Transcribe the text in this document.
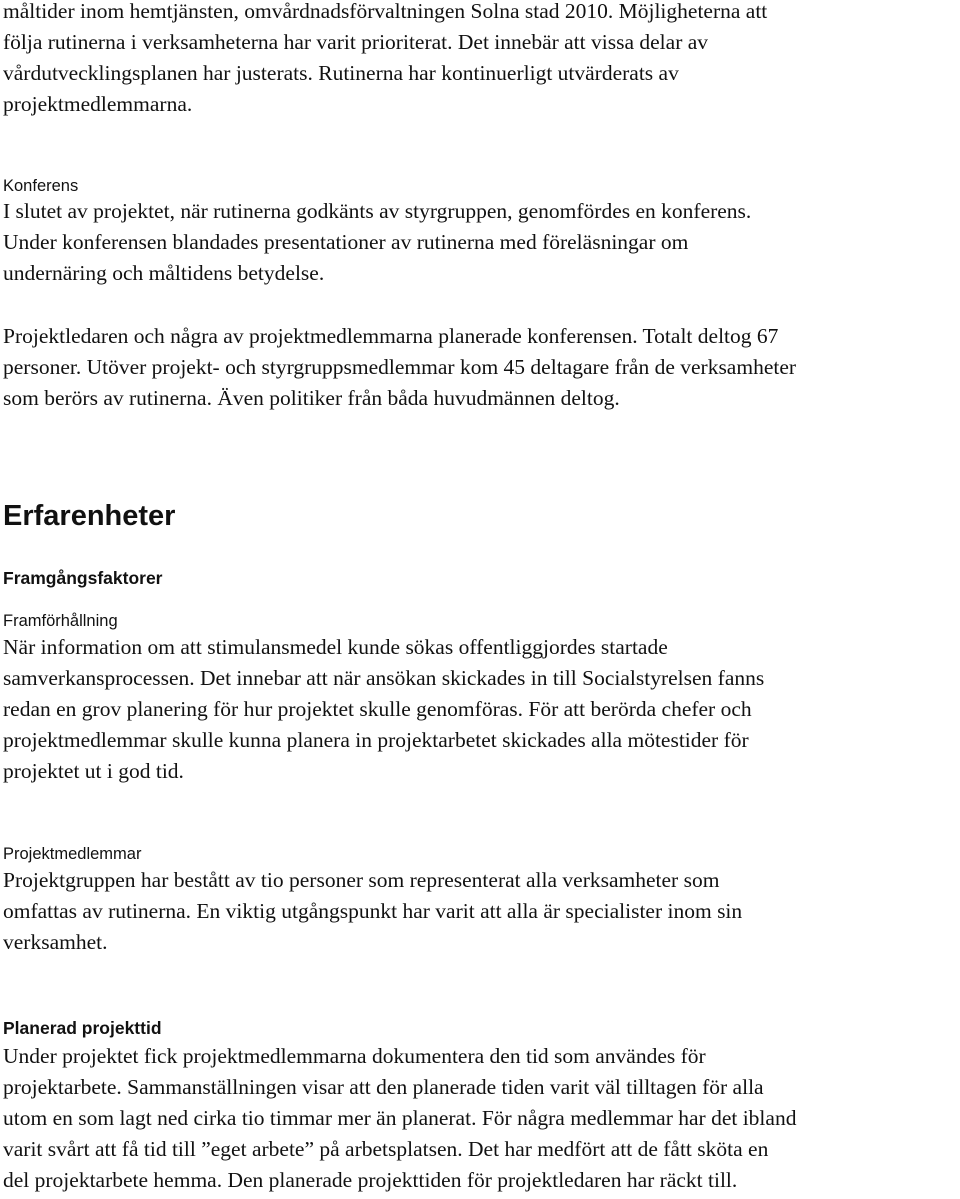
måltider inom hemtjänsten, omvårdnadsförvaltningen Solna stad 2010. Möjligheterna att
följa rutinerna i verksamheterna har varit prioriterat. Det innebär att vissa delar av
vårdutvecklingsplanen har justerats. Rutinerna har kontinuerligt utvärderats av
projektmedlemmarna.

Konferens

I slutet av projektet, när rutinerna godkänts av styrgruppen, genomfördes en konferens.
Under konferensen blandades presentationer av rutinerna med föreläsningar om
undernäring och måltidens betydelse.

Projektledaren och några av projektmedlemmarna planerade konferensen. Totalt deltog 67
personer. Utöver projekt- och styrgruppsmedlemmar kom 45 deltagare från de verksamheter
som berörs av rutinerna. Även politiker från båda huvudmännen deltog.

Erfarenheter
Framgångsfaktorer
Framförhållning

När information om att stimulansmedel kunde sökas offentliggjordes startade
samverkansprocessen. Det innebar att när ansökan skickades in till Socialstyrelsen fanns
redan en grov planering för hur projektet skulle genomföras. För att berörda chefer och
projektmedlemmar skulle kunna planera in projektarbetet skickades alla mötestider för
projektet ut i god tid.

Projektmedlemmar

Projektgruppen har bestått av tio personer som representerat alla verksamheter som
omfattas av rutinerna. En viktig utgångspunkt har varit att alla är specialister inom sin
verksamhet.

Planerad projekttid

Under projektet fick projektmedlemmarna dokumentera den tid som användes för
projektarbete. Sammanställningen visar att den planerade tiden varit väl tilltagen för alla
utom en som lagt ned cirka tio timmar mer än planerat. För några medlemmar har det ibland
varit svårt att få tid till ”eget arbete” på arbetsplatsen. Det har medfört att de fått sköta en
del projektarbete hemma. Den planerade projekttiden för projektledaren har räckt till.
